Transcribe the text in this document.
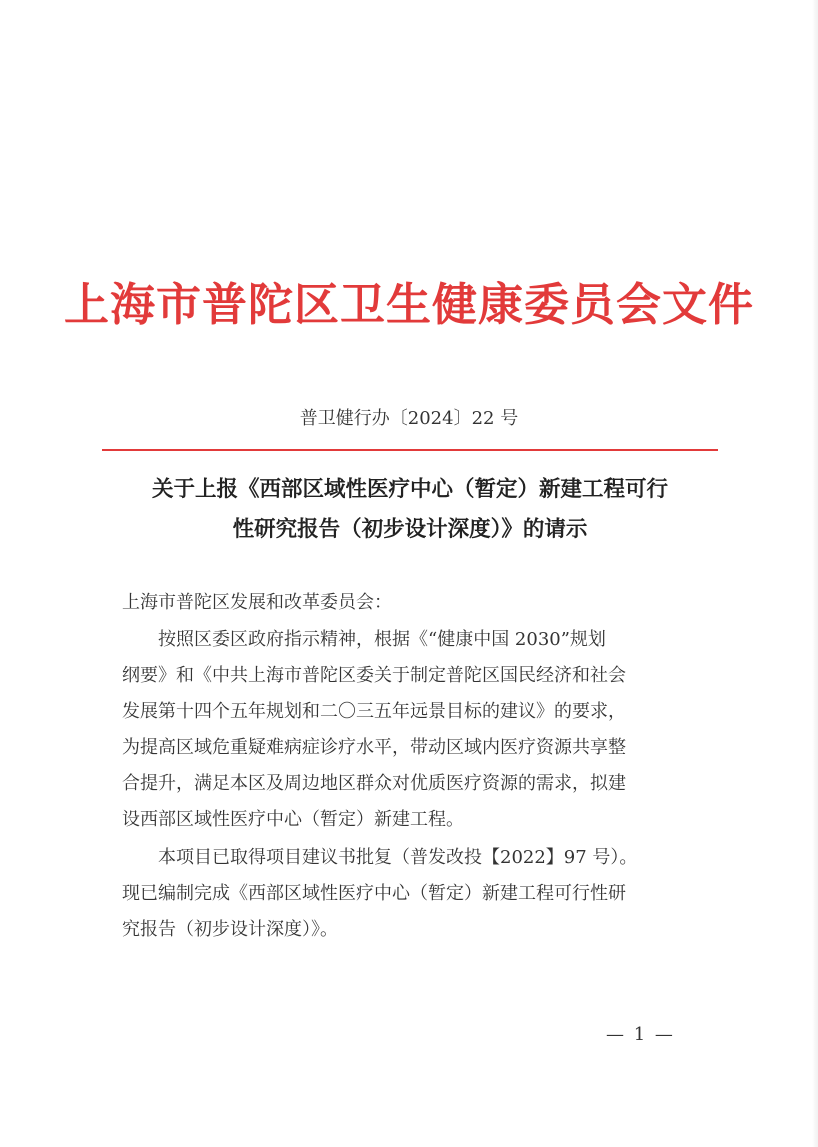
上海市普陀区卫生健康委员会文件
普卫健行办〔2024〕22 号
关于上报《西部区域性医疗中心（暂定）新建工程可行
性研究报告（初步设计深度）》的请示
上海市普陀区发展和改革委员会：
按照区委区政府指示精神，根据《“健康中国 2030”规划
纲要》和《中共上海市普陀区委关于制定普陀区国民经济和社会
发展第十四个五年规划和二〇三五年远景目标的建议》的要求，
为提高区域危重疑难病症诊疗水平，带动区域内医疗资源共享整
合提升，满足本区及周边地区群众对优质医疗资源的需求，拟建
设西部区域性医疗中心（暂定）新建工程。
本项目已取得项目建议书批复（普发改投【2022】97 号）。
现已编制完成《西部区域性医疗中心（暂定）新建工程可行性研
究报告（初步设计深度）》。
— 1 —
